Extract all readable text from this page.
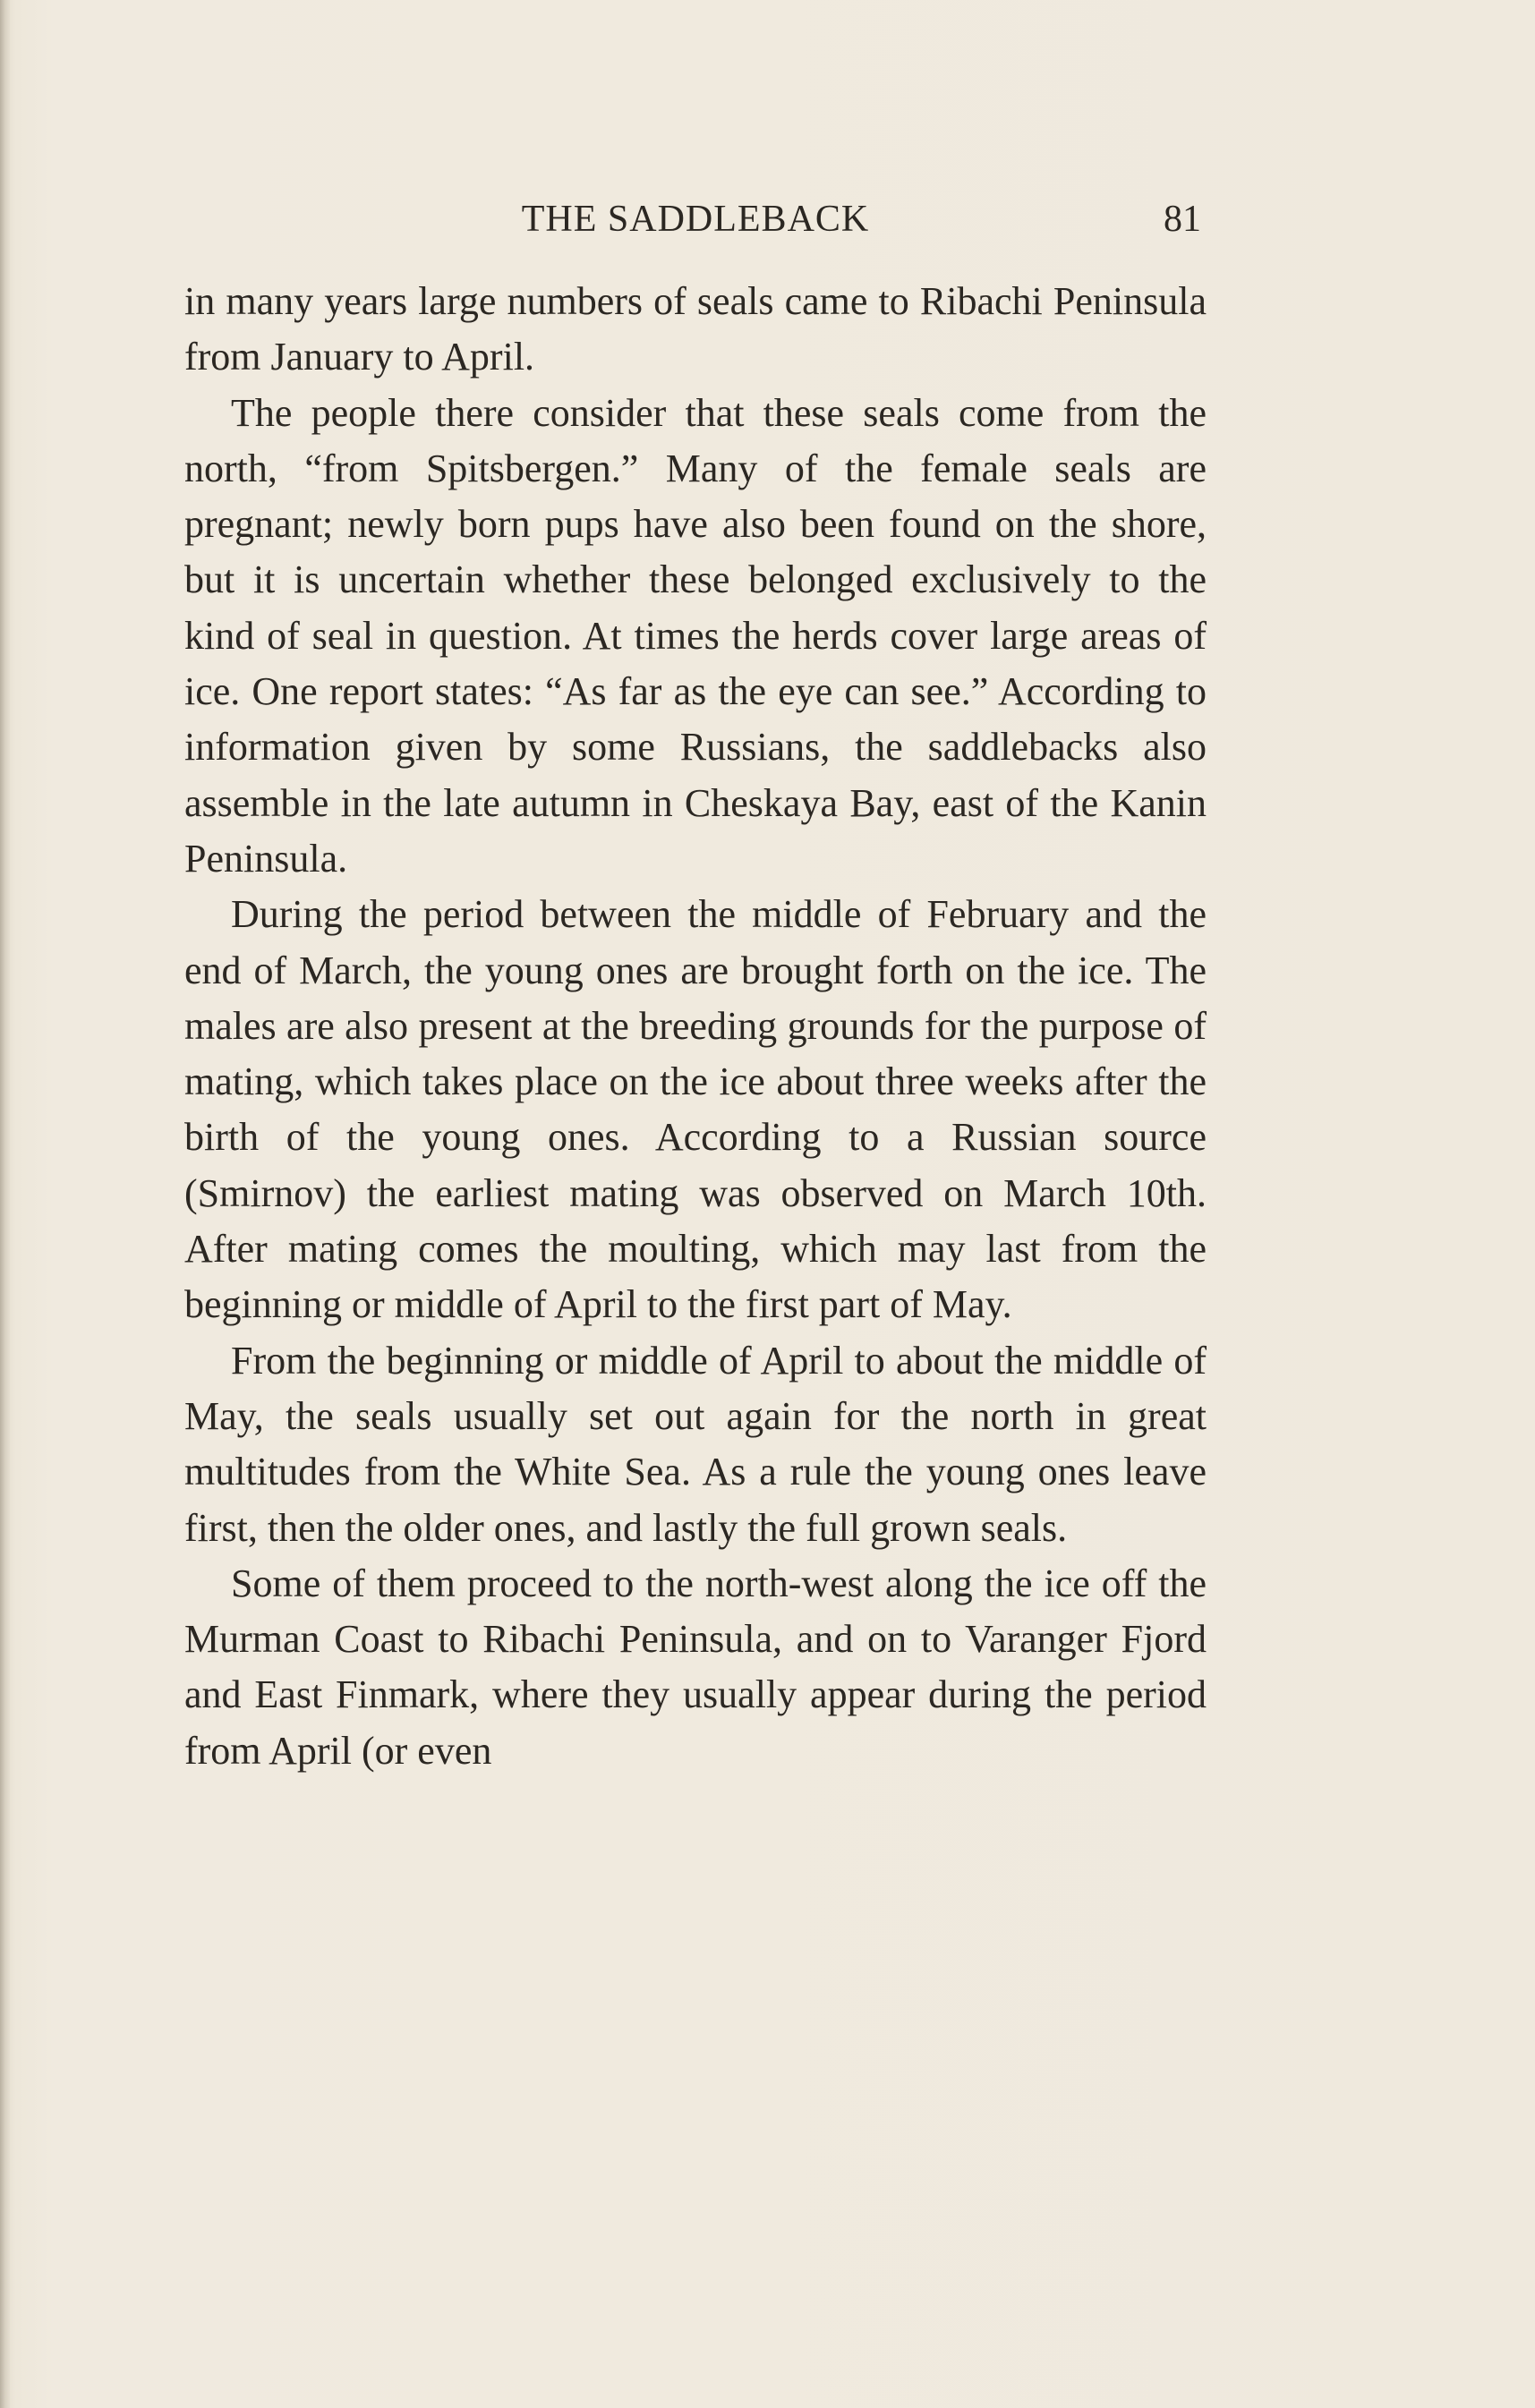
THE SADDLEBACK	81

in many years large numbers of seals came to Ribachi Peninsula from January to April.

The people there consider that these seals come from the north, “from Spitsbergen.” Many of the female seals are pregnant; newly born pups have also been found on the shore, but it is uncertain whether these belonged exclusively to the kind of seal in question. At times the herds cover large areas of ice. One report states: “As far as the eye can see.” According to information given by some Russians, the saddlebacks also assemble in the late autumn in Cheskaya Bay, east of the Kanin Peninsula.

During the period between the middle of February and the end of March, the young ones are brought forth on the ice. The males are also present at the breeding grounds for the purpose of mating, which takes place on the ice about three weeks after the birth of the young ones. According to a Russian source (Smirnov) the earliest mating was observed on March 10th. After mating comes the moulting, which may last from the beginning or middle of April to the first part of May.

From the beginning or middle of April to about the middle of May, the seals usually set out again for the north in great multitudes from the White Sea. As a rule the young ones leave first, then the older ones, and lastly the full grown seals.

Some of them proceed to the north-west along the ice off the Murman Coast to Ribachi Peninsula, and on to Varanger Fjord and East Finmark, where they usually appear during the period from April (or even
